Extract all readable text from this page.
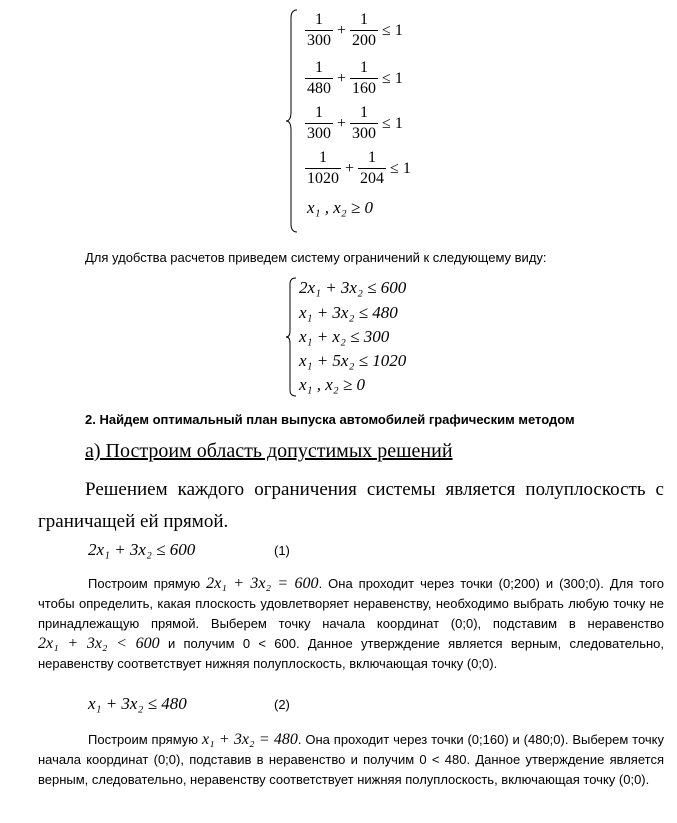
$\frac{1}{300} + \frac{1}{200} \le 1$
$\frac{1}{480} + \frac{1}{160} \le 1$
$\frac{1}{300} + \frac{1}{300} \le 1$
$\frac{1}{1020} + \frac{1}{204} \le 1$
x₁ , x₂ ≥ 0
Для удобства расчетов приведем систему ограничений к следующему виду:
2x₁ + 3x₂ ≤ 600
x₁ + 3x₂ ≤ 480
x₁ + x₂ ≤ 300
x₁ + 5x₂ ≤ 1020
x₁ , x₂ ≥ 0
2. Найдем оптимальный план выпуска автомобилей графическим методом
а) Построим область допустимых решений
Решением каждого ограничения системы является полуплоскость с граничащей ей прямой.
2x₁ + 3x₂ ≤ 600	(1)
Построим прямую 2x₁ + 3x₂ = 600. Она проходит через точки (0;200) и (300;0). Для того чтобы определить, какая плоскость удовлетворяет неравенству, необходимо выбрать любую точку не принадлежащую прямой. Выберем точку начала координат (0;0), подставим в неравенство 2x₁ + 3x₂ < 600 и получим 0 < 600. Данное утверждение является верным, следовательно, неравенству соответствует нижняя полуплоскость, включающая точку (0;0).
x₁ + 3x₂ ≤ 480	(2)
Построим прямую x₁ + 3x₂ = 480. Она проходит через точки (0;160) и (480;0). Выберем точку начала координат (0;0), подставив в неравенство и получим 0 < 480. Данное утверждение является верным, следовательно, неравенству соответствует нижняя полуплоскость, включающая точку (0;0).
